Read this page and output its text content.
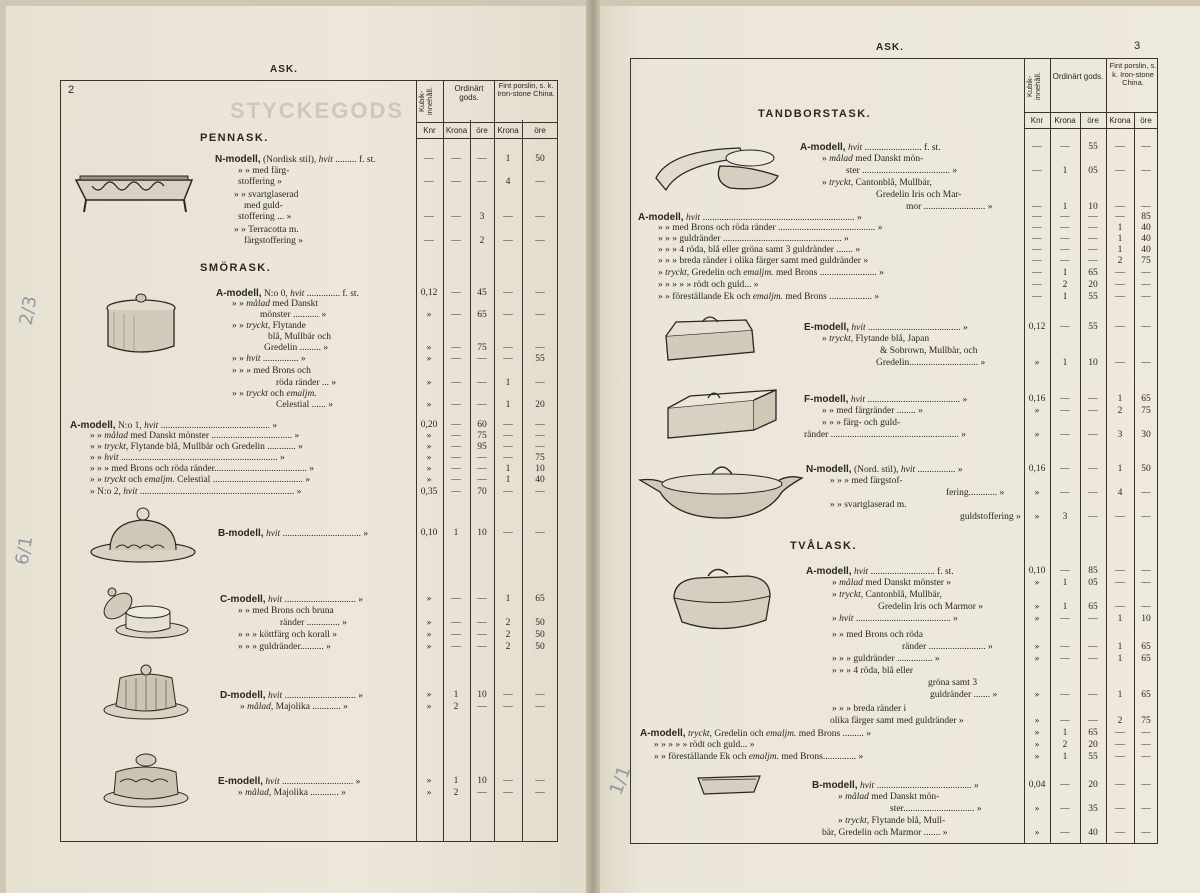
ASK.
2
STYCKEGODS Kubik-innehåll.	Ordinärt gods.
Fint porslin, s. k. Iron-stone China.
Knr	Krona	öre	Krona	öre
PENNASK.
SMÖRASK.
2/3
6/1
ASK.	3
Kubik-innehåll.	Ordinärt gods.
Fint porslin, s. k. Iron-stone China.
Knr	Krona	öre	Krona	öre
TANDBORSTASK.
TVÅLASK.
1/1
N-modell, (Nordisk stil), hvit ......... f. st.	—	—	—	1	50
» » med färg-
stoffering »	—	—	—	4	—
» » svartglaserad
med guld-
stoffering ... »	—	—	3	—	—
» » Terracotta m.
färgstoffering »	—	—	2	—	—
A-modell, N:o 0, hvit .............. f. st.	0,12	—	45	—	—
» » målad med Danskt
mönster ........... »	»	—	65	—	—
» » tryckt, Flytande
blå, Mullbär och
Gredelin ......... »	»	—	75	—	—
» » hvit ............... »	»	—	—	—	55
» » » med Brons och
röda ränder ... »	»	—	—	1	—
» » tryckt och emaljm.
Celestial ...... »	»	—	—	1	20
A-modell, N:o 1, hvit .............................................. »	0,20	—	60	—	—
» » målad med Danskt mönster .................................. »	»	—	75	—	—
» » tryckt, Flytande blå, Mullbär och Gredelin ............ »	»	—	95	—	—
» » hvit .................................................................. »	»	—	—	—	75
» » » med Brons och röda ränder....................................... »	»	—	—	1	10
» » tryckt och emaljm. Celestial ...................................... »	»	—	—	1	40
» N:o 2, hvit ................................................................. »	0,35	—	70	—	—
B-modell, hvit ................................. »	0,10	1	10	—	—
C-modell, hvit .............................. »	»	—	—	1	65
» » med Brons och bruna
ränder .............. »	»	—	—	2	50
» » » köttfärg och korall »	»	—	—	2	50
» » » guldränder.......... »	»	—	—	2	50
D-modell, hvit .............................. »	»	1	10	—	—
» målad, Majolika ............ »	»	2	—	—	—
E-modell, hvit .............................. »	»	1	10	—	—
» målad, Majolika ............ »	»	2	—	—	—
A-modell, hvit ........................ f. st.	—	—	55	—	—
» målad med Danskt mön-
ster ..................................... »	—	1	05	—	—
» tryckt, Cantonblå, Mullbär,
Gredelin Iris och Mar-
mor .......................... »	—	1	10	—	—
A-modell, hvit ................................................................ »	—	—	—	—	85
» » med Brons och röda ränder ......................................... »	—	—	—	1	40
» » » guldränder .................................................. »	—	—	—	1	40
» » » 4 röda, blå eller gröna samt 3 guldränder ....... »	—	—	—	1	40
» » » breda ränder i olika färger samt med guldränder »	—	—	—	2	75
» tryckt, Gredelin och emaljm. med Brons ........................ »	—	1	65	—	—
» » » » » rödt och guld... »	—	2	20	—	—
» » föreställande Ek och emaljm. med Brons .................. »	—	1	55	—	—
E-modell, hvit ....................................... »	0,12	—	55	—	—
» tryckt, Flytande blå, Japan
& Sobrown, Mullbär, och
Gredelin............................. »	»	1	10	—	—
F-modell, hvit ....................................... »	0,16	—	—	1	65
» » med färgränder ........ »	»	—	—	2	75
» » » färg- och guld-
ränder ...................................................... »	»	—	—	3	30
N-modell, (Nord. stil), hvit ................ »	0,16	—	—	1	50
» » » med färgstof-
fering............ »	»	—	—	4	—
» » svartglaserad m.
guldstoffering »	»	3	—	—	—
A-modell, hvit ........................... f. st.	0,10	—	85	—	—
» målad med Danskt mönster »	»	1	05	—	—
» tryckt, Cantonblå, Mullbär,
Gredelin Iris och Marmor »	»	1	65	—	—
» hvit ........................................ »	»	—	—	1	10
» » med Brons och röda
ränder ........................ »	»	—	—	1	65
» » » guldränder ............... »	»	—	—	1	65
» » » 4 röda, blå eller
gröna samt 3
guldränder ....... »	»	—	—	1	65
» » » breda ränder i
olika färger samt med guldränder »	»	—	—	2	75
A-modell, tryckt, Gredelin och emaljm. med Brons ......... »	»	1	65	—	—
» » » » » rödt och guld... »	»	2	20	—	—
» » föreställande Ek och emaljm. med Brons.............. »	»	1	55	—	—
B-modell, hvit ........................................ »	0,04	—	20	—	—
» målad med Danskt mön-
ster.............................. »	»	—	35	—	—
» tryckt, Flytande blå, Mull-
bär, Gredelin och Marmor ....... »	»	—	40	—	—
